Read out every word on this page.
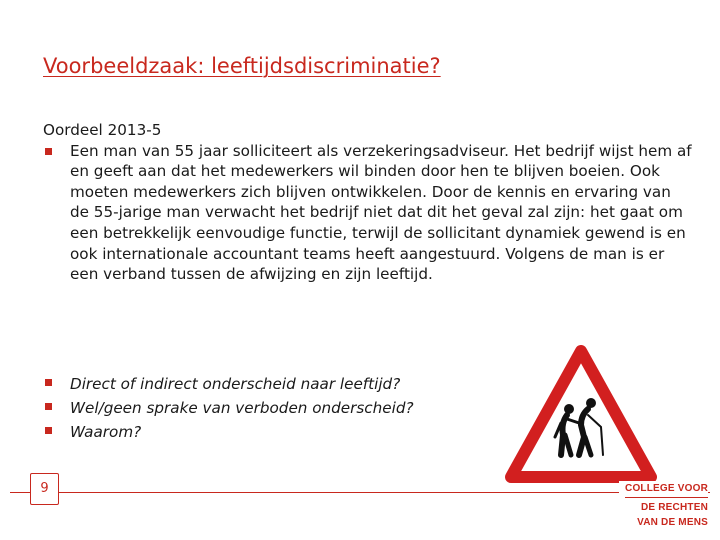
Voorbeeldzaak: leeftijdsdiscriminatie?

Oordeel 2013-5

Een man van 55 jaar solliciteert als verzekeringsadviseur. Het bedrijf wijst hem af en geeft aan dat het medewerkers wil binden door hen te blijven boeien. Ook moeten medewerkers zich blijven ontwikkelen. Door de kennis en ervaring van de 55-jarige man verwacht het bedrijf niet dat dit het geval zal zijn: het gaat om een betrekkelijk eenvoudige functie, terwijl de sollicitant dynamiek gewend is en ook internationale accountant teams heeft aangestuurd. Volgens de man is er een verband tussen de afwijzing en zijn leeftijd.

Direct of indirect onderscheid naar leeftijd?

Wel/geen sprake van verboden onderscheid?

Waarom?

9	COLLEGE VOOR
DE RECHTEN
VAN DE MENS
